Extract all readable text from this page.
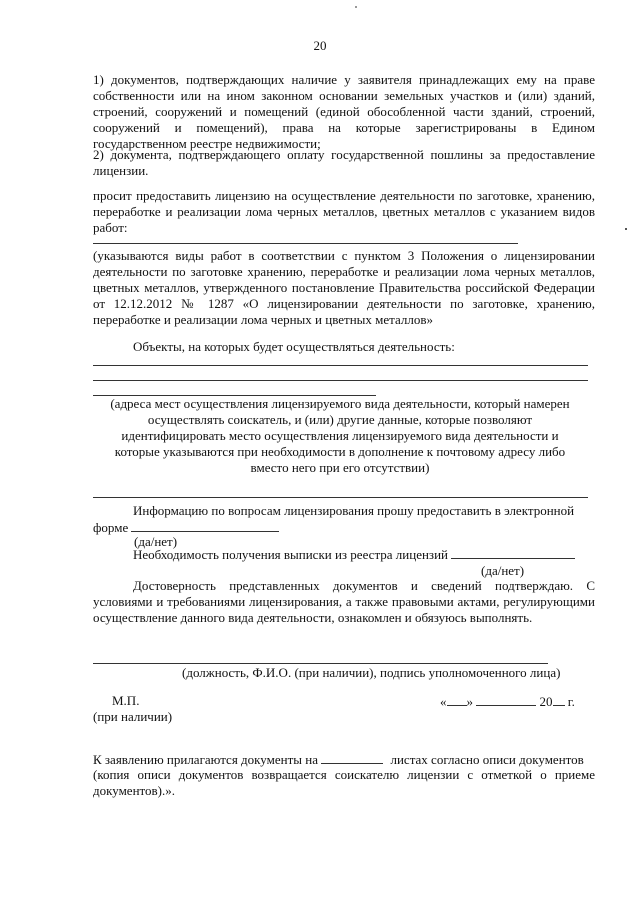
20
1) документов, подтверждающих наличие у заявителя принадлежащих ему на праве собственности или на ином законном основании земельных участков и (или) зданий, строений, сооружений и помещений (единой обособленной части зданий, строений, сооружений и помещений), права на которые зарегистрированы в Едином государственном реестре недвижимости;
2) документа, подтверждающего оплату государственной пошлины за предоставление лицензии.
просит предоставить лицензию на осуществление деятельности по заготовке, хранению, переработке и реализации лома черных металлов, цветных металлов с указанием видов работ:
(указываются виды работ в соответствии с пунктом 3 Положения о лицензировании деятельности по заготовке хранению, переработке и реализации лома черных металлов, цветных металлов, утвержденного постановление Правительства российской Федерации от 12.12.2012 № 1287 «О лицензировании деятельности по заготовке, хранению, переработке и реализации лома черных и цветных металлов»
Объекты, на которых будет осуществляться деятельность:
(адреса мест осуществления лицензируемого вида деятельности, который намерен осуществлять соискатель, и (или) другие данные, которые позволяют идентифицировать место осуществления лицензируемого вида деятельности и которые указываются при необходимости в дополнение к почтовому адресу либо вместо него при его отсутствии)
Информацию по вопросам лицензирования прошу предоставить в электронной
форме
(да/нет)
Необходимость получения выписки из реестра лицензий
(да/нет)
Достоверность представленных документов и сведений подтверждаю. С условиями и требованиями лицензирования, а также правовыми актами, регулирующими осуществление данного вида деятельности, ознакомлен и обязуюсь выполнять.
(должность, Ф.И.О. (при наличии), подпись уполномоченного лица)
М.П.
(при наличии)
« »	20 г.
К заявлению прилагаются документы на	листах согласно описи документов
(копия описи документов возвращается соискателю лицензии с отметкой о приеме документов).».
